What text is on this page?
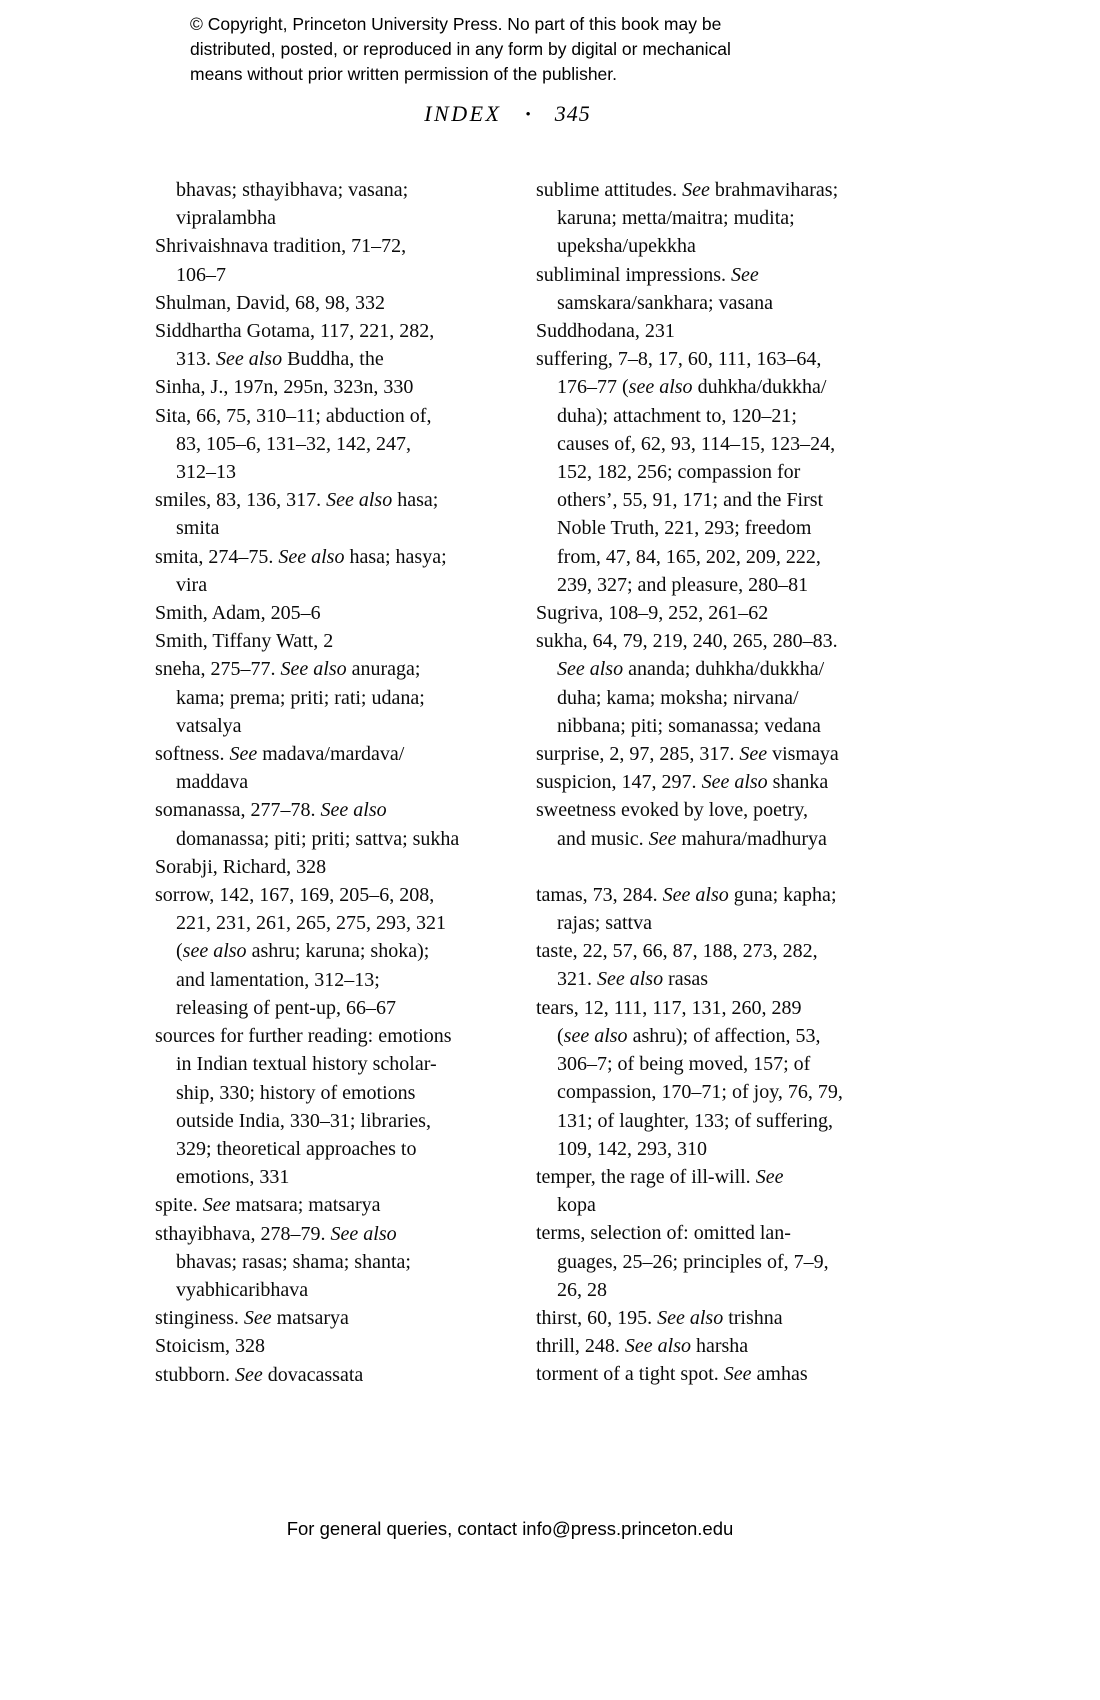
© Copyright, Princeton University Press. No part of this book may be
distributed, posted, or reproduced in any form by digital or mechanical
means without prior written permission of the publisher.
INDEX • 345
bhavas; sthayibhava; vasana;
vipralambha
Shrivaishnava tradition, 71–72,
106–7
Shulman, David, 68, 98, 332
Siddhartha Gotama, 117, 221, 282,
313. See also Buddha, the
Sinha, J., 197n, 295n, 323n, 330
Sita, 66, 75, 310–11; abduction of,
83, 105–6, 131–32, 142, 247,
312–13
smiles, 83, 136, 317. See also hasa;
smita
smita, 274–75. See also hasa; hasya;
vira
Smith, Adam, 205–6
Smith, Tiffany Watt, 2
sneha, 275–77. See also anuraga;
kama; prema; priti; rati; udana;
vatsalya
softness. See madava/mardava/
maddava
somanassa, 277–78. See also
domanassa; piti; priti; sattva; sukha
Sorabji, Richard, 328
sorrow, 142, 167, 169, 205–6, 208,
221, 231, 261, 265, 275, 293, 321
(see also ashru; karuna; shoka);
and lamentation, 312–13;
releasing of pent-up, 66–67
sources for further reading: emotions
in Indian textual history scholar-
ship, 330; history of emotions
outside India, 330–31; libraries,
329; theoretical approaches to
emotions, 331
spite. See matsara; matsarya
sthayibhava, 278–79. See also
bhavas; rasas; shama; shanta;
vyabhicaribhava
stinginess. See matsarya
Stoicism, 328
stubborn. See dovacassata
sublime attitudes. See brahmaviharas;
karuna; metta/maitra; mudita;
upeksha/upekkha
subliminal impressions. See
samskara/sankhara; vasana
Suddhodana, 231
suffering, 7–8, 17, 60, 111, 163–64,
176–77 (see also duhkha/dukkha/
duha); attachment to, 120–21;
causes of, 62, 93, 114–15, 123–24,
152, 182, 256; compassion for
others’, 55, 91, 171; and the First
Noble Truth, 221, 293; freedom
from, 47, 84, 165, 202, 209, 222,
239, 327; and pleasure, 280–81
Sugriva, 108–9, 252, 261–62
sukha, 64, 79, 219, 240, 265, 280–83.
See also ananda; duhkha/dukkha/
duha; kama; moksha; nirvana/
nibbana; piti; somanassa; vedana
surprise, 2, 97, 285, 317. See vismaya
suspicion, 147, 297. See also shanka
sweetness evoked by love, poetry,
and music. See mahura/madhurya
tamas, 73, 284. See also guna; kapha;
rajas; sattva
taste, 22, 57, 66, 87, 188, 273, 282,
321. See also rasas
tears, 12, 111, 117, 131, 260, 289
(see also ashru); of affection, 53,
306–7; of being moved, 157; of
compassion, 170–71; of joy, 76, 79,
131; of laughter, 133; of suffering,
109, 142, 293, 310
temper, the rage of ill-will. See
kopa
terms, selection of: omitted lan-
guages, 25–26; principles of, 7–9,
26, 28
thirst, 60, 195. See also trishna
thrill, 248. See also harsha
torment of a tight spot. See amhas
For general queries, contact info@press.princeton.edu
